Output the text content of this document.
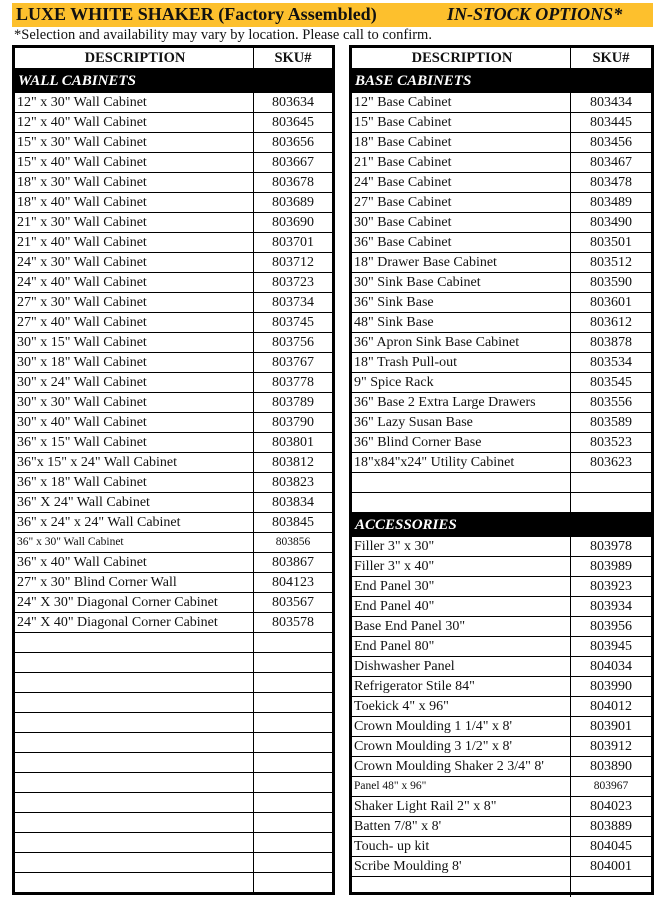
LUXE WHITE SHAKER (Factory Assembled)	IN-STOCK OPTIONS*
*Selection and availability may vary by location. Please call to confirm.
DESCRIPTION	SKU#
WALL CABINETS
12" x 30" Wall Cabinet	803634
12" x 40" Wall Cabinet	803645
15" x 30" Wall Cabinet	803656
15" x 40" Wall Cabinet	803667
18" x 30" Wall Cabinet	803678
18" x 40" Wall Cabinet	803689
21" x 30" Wall Cabinet	803690
21" x 40" Wall Cabinet	803701
24" x 30" Wall Cabinet	803712
24" x 40" Wall Cabinet	803723
27" x 30" Wall Cabinet	803734
27" x 40" Wall Cabinet	803745
30" x 15" Wall Cabinet	803756
30" x 18" Wall Cabinet	803767
30" x 24" Wall Cabinet	803778
30" x 30" Wall Cabinet	803789
30" x 40" Wall Cabinet	803790
36" x 15" Wall Cabinet	803801
36"x 15" x 24" Wall Cabinet	803812
36" x 18" Wall Cabinet	803823
36" X 24" Wall Cabinet	803834
36" x 24" x 24" Wall Cabinet	803845
36" x 30" Wall Cabinet	803856
36" x 40" Wall Cabinet	803867
27" x 30" Blind Corner Wall	804123
24" X 30" Diagonal Corner Cabinet	803567
24" X 40" Diagonal Corner Cabinet	803578
DESCRIPTION	SKU#
BASE CABINETS
12" Base Cabinet	803434
15" Base Cabinet	803445
18" Base Cabinet	803456
21" Base Cabinet	803467
24" Base Cabinet	803478
27" Base Cabinet	803489
30" Base Cabinet	803490
36" Base Cabinet	803501
18" Drawer Base Cabinet	803512
30" Sink Base Cabinet	803590
36" Sink Base	803601
48" Sink Base	803612
36" Apron Sink Base Cabinet	803878
18" Trash Pull-out	803534
9" Spice Rack	803545
36" Base 2 Extra Large Drawers	803556
36" Lazy Susan Base	803589
36" Blind Corner Base	803523
18"x84"x24" Utility Cabinet	803623
ACCESSORIES
Filler 3" x 30"	803978
Filler 3" x 40"	803989
End Panel 30"	803923
End Panel 40"	803934
Base End Panel 30"	803956
End Panel 80"	803945
Dishwasher Panel	804034
Refrigerator Stile 84"	803990
Toekick 4" x 96"	804012
Crown Moulding 1 1/4" x 8'	803901
Crown Moulding 3 1/2" x 8'	803912
Crown Moulding Shaker 2 3/4" 8'	803890
Panel 48" x 96"	803967
Shaker Light Rail 2" x 8"	804023
Batten 7/8" x 8'	803889
Touch- up kit	804045
Scribe Moulding 8'	804001
